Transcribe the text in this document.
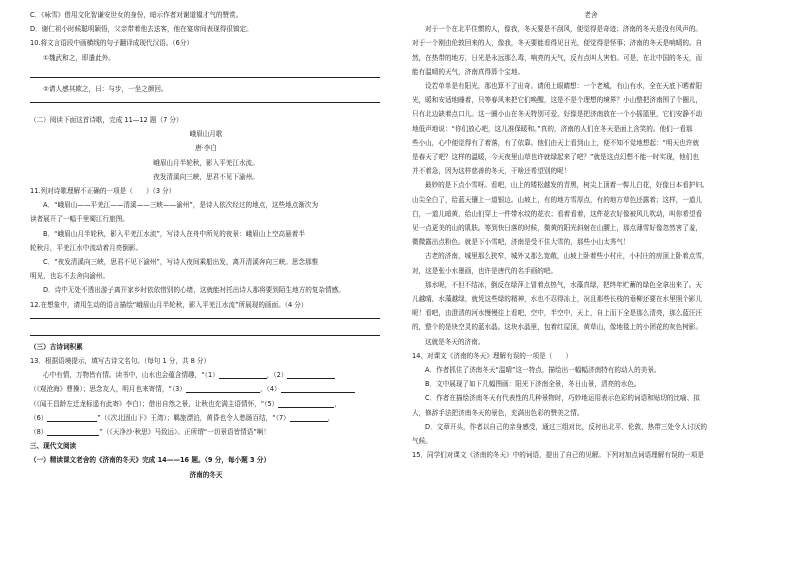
C．《咏雪》借用文化智谦安世女的身份，暗示作者对谢道韫才气的赞赏。
D．谢仁祖小时候聪明颖悟，父亲带着他去送客，他在宴席间表现得很镇定。
10.将文言语段中画横线的句子翻译成现代汉语。（6分）
①魏武和之，即遣此外。
②请人感其欺之，曰：与步，一坐之颜回。
（二）阅读下面这首诗歌，完成 11—12 题（7 分）
峨眉山月歌
唐·李白
峨眉山月半轮秋，影入平羌江水流。
夜发清溪向三峡，思君不见下渝州。
11.列对诗歌理解不正确的一项是（　　）（3 分）
A．“峨眉山——平羌江——清溪——三峡——渝州”，是诗人依次经过的地点，这些地点渐次为
读者展开了一幅千里蜀江行旅图。
B．“峨眉山月半轮秋，影入平羌江水流”，写诗人在舟中所见的夜景：峨眉山上空高悬着半
轮秋月，平羌江水中流动着月亮倒影。
C．“夜发清溪向三峡，思君不见下渝州”，写诗人夜间乘船出发，离开清溪奔向三峡。思念那惟
明见，也忘不去舍向渝州。
D．诗中无处不透出游子离开家乡时依依惜别的心绪，这就能衬托出诗人那将要到陌生地方的复杂情感。
12.在想象中，请用生动的语言描绘“峨眉山月半轮秋，影入平羌江水流”所展现的画面。（4 分）
（三）古诗词积累
13．根据语境提示，填写古诗文名句。（每句 1 分，共 8 分）
心中有情，万物皆有情。读书中，山水也会蕴含情趣，“（1）	，（2）
（《观沧海》曹操）；思念友人，明月也来寄情，“（3）	，（4）
（《闻王昌龄左迁龙标遥有此寄》李白）；借出自然之景，让秋也充满主语情怀，“（5）	，
（6）	”（《次北固山下》王湾）；羁旅漂泊，黄昏也令人愁肠百结，“（7）	，
（8）	”（《天净沙·秋思》马致远）。正所谓“一切景语皆情语”啊！
三、现代文阅读
（一）精读课文老舍的《济南的冬天》完成 14——16 题。（9 分，每小题 3 分）
济南的冬天
老舍
对于一个在北平住惯的人，像我，冬天要是不刮风，便觉得是奇迹；济南的冬天是没有风声的。
对于一个刚由伦敦回来的人，像我，冬天要能看得见日光，便觉得是怪事；济南的冬天是响晴的。自
然，在热带的地方，日光是永远那么毒，响亮的天气，反有点叫人害怕。可是，在北中国的冬天，而
能有温晴的天气，济南真得算个宝地。
设若单单是有阳光，那也算不了出奇。请闭上眼睛想：一个老城，有山有水，全在天底下晒着阳
光，暖和安适地睡着，只等春风来把它们唤醒，这是不是个理想的境界？小山整把济南围了个圈儿，
只有北边缺着点口儿。这一圈小山在冬天特别可爱，好像是把济南放在一个小摇篮里，它们安静不动
地低声地说：“你们放心吧，这儿准保暖和。”真的，济南的人们在冬天是面上含笑的。他们一看那
些小山，心中便觉得有了着落，有了依靠。他们由天上看到山上，便不知不觉地想起：“明天也许就
是春天了吧？这样的温暖，今天夜里山草也许就绿起来了吧？”就是这点幻想不能一时实现，他们也
并不着急，因为这样慈善的冬天，干啥还希望别的呢！
最妙的是下点小雪呀。看吧，山上的矮松越发的青黑，树尖上顶着一髻儿白花，好像日本看护妇。
山尖全白了，给蓝天镶上一道银边。山坡上，有的地方雪厚点，有的地方草色还露着；这样，一道儿
白，一道儿暗黄，给山们穿上一件带水纹的花衣；看着看着，这件花衣好像被风儿吹动，叫你希望看
见一点更美的山的肌肤。等到快日落的时候，微黄的阳光斜射在山腰上，那点薄雪好像忽然害了羞，
微微露出点粉色。就是下小雪吧，济南是受不住大雪的，那些小山太秀气！
古老的济南，城里那么狭窄，城外又那么宽敞，山坡上卧着些小村庄，小村庄的房顶上卧着点雪，
对，这是张小水墨画，也许是唐代的名手画的吧。
那水呢，不但不结冰，倒反在绿萍上冒着点热气，水藻真绿，把终年贮蓄的绿色全拿出来了。天
儿越晴，水藻越绿，就凭这些绿的精神，水也不忍得冻上，况且那些长枝的垂柳还要在水里照个影儿
呢！看吧，由澄清的河水慢慢往上看吧，空中，半空中，天上，自上而下全是那么清亮，那么蓝汪汪
的，整个的是块空灵的蓝水晶。这块水晶里，包着红屋顶，黄草山，像地毯上的小团花的灰色树影。
这就是冬天的济南。
14、对课文《济南的冬天》理解有误的一项是（　　）
A．作者抓住了济南冬天“温晴”这一特点，描绘出一幅幅济南特有的动人的美景。
B．文中展现了如下几幅图画：阳光下济南全景，冬日山景，清亮的水色。
C．作者在描绘济南冬天有代表性的几种景物时，巧妙地运用表示色彩的词语和贴切的比喻、拟
人，修辞手法把济南冬天的景色，充满出色彩的赞美之情。
D．文章开头，作者以自己的亲身感受，通过三组对比，反衬出北平、伦敦、热带三处令人讨厌的
气候。
15．同学们对课文《济南的冬天》中的词语，提出了自己的见解。下列对加点词语理解有误的一项是
